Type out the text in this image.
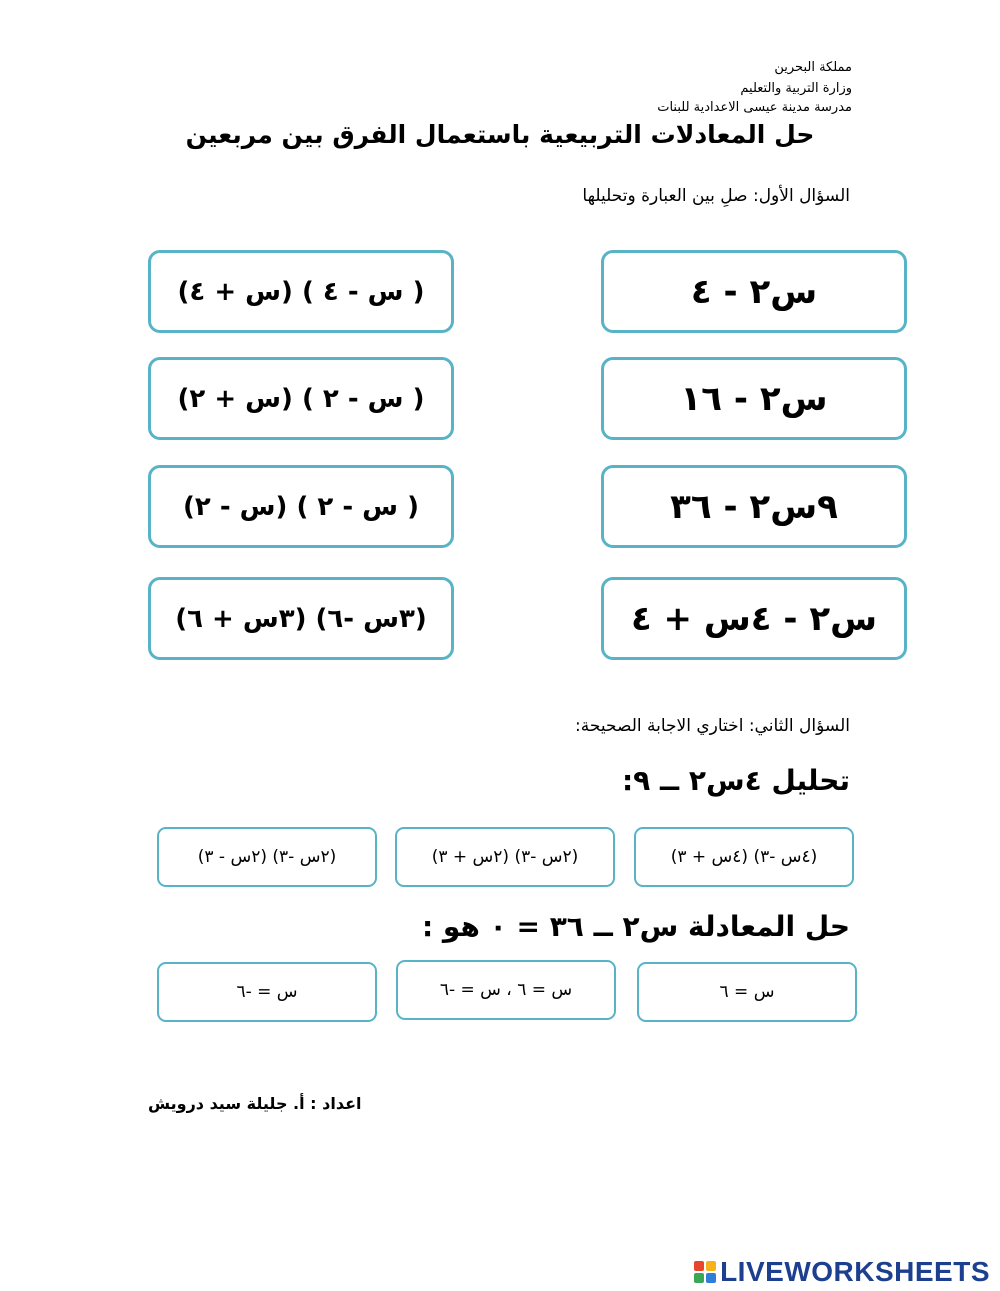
مملكة البحرين
وزارة التربية والتعليم
مدرسة مدينة عيسى الاعدادية للبنات
حل المعادلات التربيعية باستعمال الفرق بين مربعين
السؤال الأول: صلِ بين العبارة وتحليلها
س٢ - ٤
س٢ - ١٦
٩س٢ - ٣٦
س٢ - ٤س + ٤
( س - ٤ ) (س + ٤)
( س - ٢ ) (س + ٢)
( س - ٢ ) (س - ٢)
(٣س -٦) (٣س + ٦)
السؤال الثاني: اختاري الاجابة الصحيحة:
تحليل ٤س٢ ــ ٩:
(٤س -٣) (٤س + ٣)
(٢س -٣) (٢س + ٣)
(٢س -٣) (٢س - ٣)
حل المعادلة س٢ ــ ٣٦ = ٠ هو :
س = ٦
س = ٦ ، س = -٦
س = -٦
اعداد : أ. جليلة سيد درويش
LIVEWORKSHEETS
